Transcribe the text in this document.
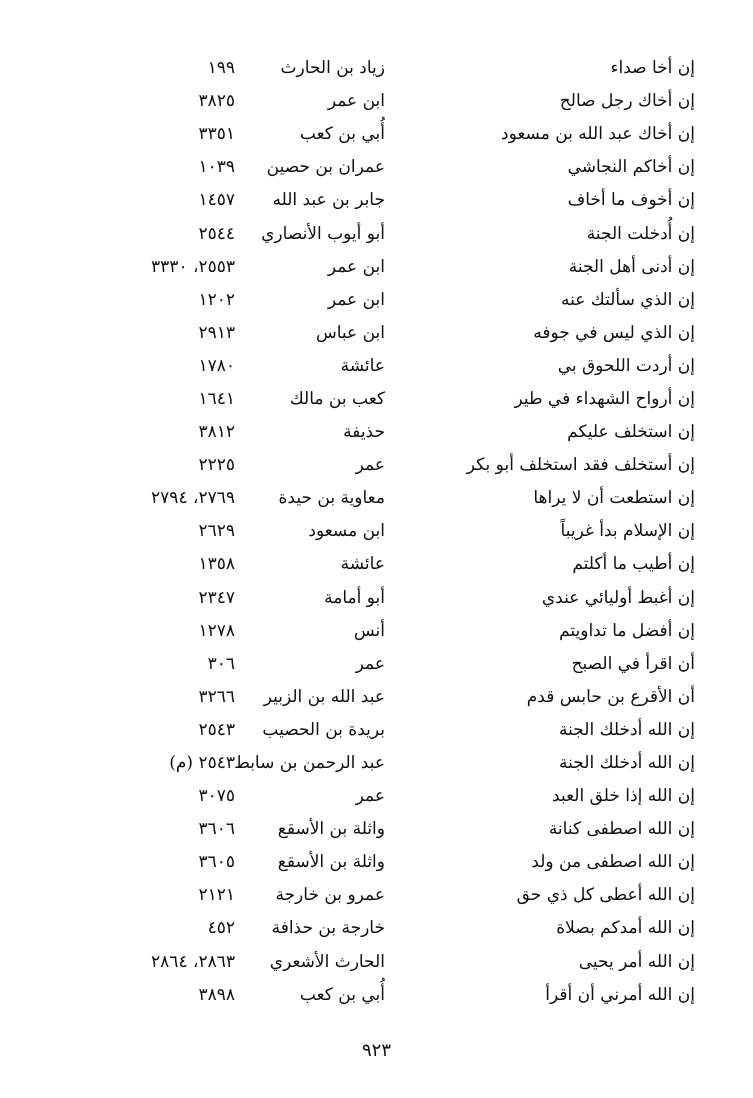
إن أخا صداء
زياد بن الحارث
١٩٩
إن أخاك رجل صالح
ابن عمر
٣٨٢٥
إن أخاك عبد الله بن مسعود
أُبي بن كعب
٣٣٥١
إن أخاكم النجاشي
عمران بن حصين
١٠٣٩
إن أخوف ما أخاف
جابر بن عبد الله
١٤٥٧
إن أُدخلت الجنة
أبو أيوب الأنصاري
٢٥٤٤
إن أدنى أهل الجنة
ابن عمر
٢٥٥٣، ٣٣٣٠
إن الذي سألتك عنه
ابن عمر
١٢٠٢
إن الذي ليس في جوفه
ابن عباس
٢٩١٣
إن أردت اللحوق بي
عائشة
١٧٨٠
إن أرواح الشهداء في طير
كعب بن مالك
١٦٤١
إن استخلف عليكم
حذيفة
٣٨١٢
إن أستخلف فقد استخلف أبو بكر
عمر
٢٢٢٥
إن استطعت أن لا يراها
معاوية بن حيدة
٢٧٦٩، ٢٧٩٤
إن الإسلام بدأ غريباً
ابن مسعود
٢٦٢٩
إن أطيب ما أكلتم
عائشة
١٣٥٨
إن أغبط أوليائي عندي
أبو أمامة
٢٣٤٧
إن أفضل ما تداويتم
أنس
١٢٧٨
أن اقرأ في الصبح
عمر
٣٠٦
أن الأقرع بن حابس قدم
عبد الله بن الزبير
٣٢٦٦
إن الله أدخلك الجنة
بريدة بن الحصيب
٢٥٤٣
إن الله أدخلك الجنة
عبد الرحمن بن سابط
٢٥٤٣ (م)
إن الله إذا خلق العبد
عمر
٣٠٧٥
إن الله اصطفى كنانة
واثلة بن الأسقع
٣٦٠٦
إن الله اصطفى من ولد
واثلة بن الأسقع
٣٦٠٥
إن الله أعطى كل ذي حق
عمرو بن خارجة
٢١٢١
إن الله أمدكم بصلاة
خارجة بن حذافة
٤٥٢
إن الله أمر يحيى
الحارث الأشعري
٢٨٦٣، ٢٨٦٤
إن الله أمرني أن أقرأ
أُبي بن كعب
٣٨٩٨
٩٢٣
